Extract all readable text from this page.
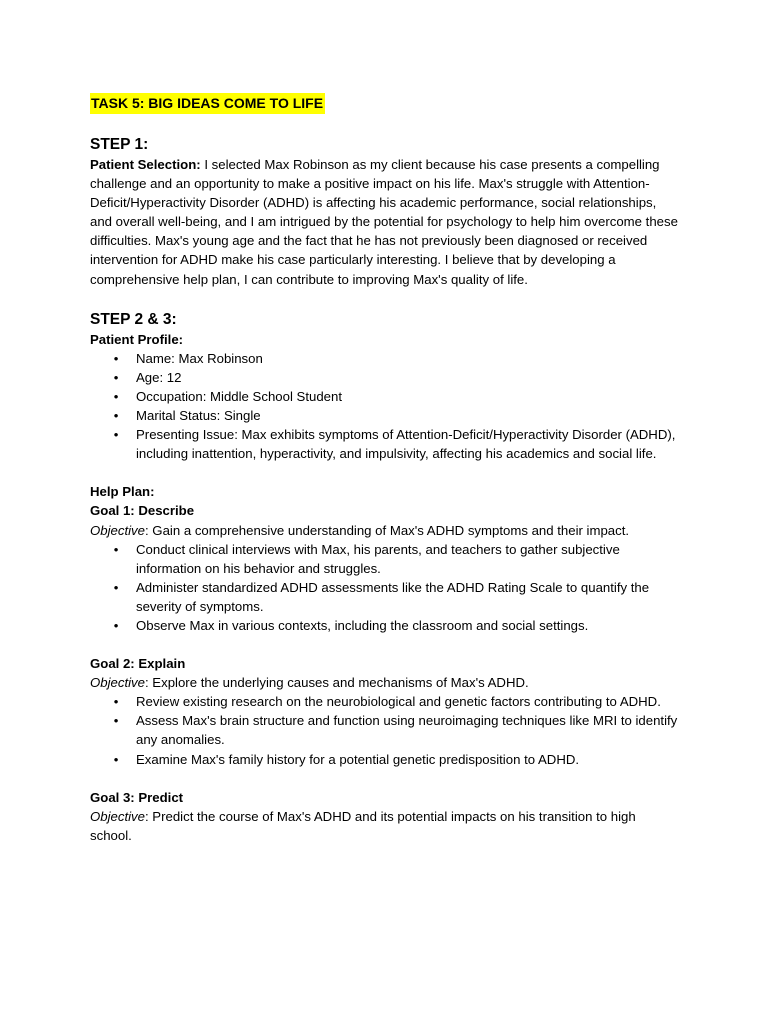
TASK 5: BIG IDEAS COME TO LIFE
STEP 1:

Patient Selection: I selected Max Robinson as my client because his case presents a compelling challenge and an opportunity to make a positive impact on his life. Max's struggle with Attention-Deficit/Hyperactivity Disorder (ADHD) is affecting his academic performance, social relationships, and overall well-being, and I am intrigued by the potential for psychology to help him overcome these difficulties. Max's young age and the fact that he has not previously been diagnosed or received intervention for ADHD make his case particularly interesting. I believe that by developing a comprehensive help plan, I can contribute to improving Max's quality of life.

STEP 2 & 3:

Patient Profile:

• Name: Max Robinson
• Age: 12
• Occupation: Middle School Student
• Marital Status: Single
• Presenting Issue: Max exhibits symptoms of Attention-Deficit/Hyperactivity Disorder (ADHD), including inattention, hyperactivity, and impulsivity, affecting his academics and social life.

Help Plan:

Goal 1: Describe

Objective: Gain a comprehensive understanding of Max's ADHD symptoms and their impact.

• Conduct clinical interviews with Max, his parents, and teachers to gather subjective information on his behavior and struggles.
• Administer standardized ADHD assessments like the ADHD Rating Scale to quantify the severity of symptoms.
• Observe Max in various contexts, including the classroom and social settings.

Goal 2: Explain

Objective: Explore the underlying causes and mechanisms of Max's ADHD.

• Review existing research on the neurobiological and genetic factors contributing to ADHD.
• Assess Max's brain structure and function using neuroimaging techniques like MRI to identify any anomalies.
• Examine Max's family history for a potential genetic predisposition to ADHD.

Goal 3: Predict

Objective: Predict the course of Max's ADHD and its potential impacts on his transition to high school.
